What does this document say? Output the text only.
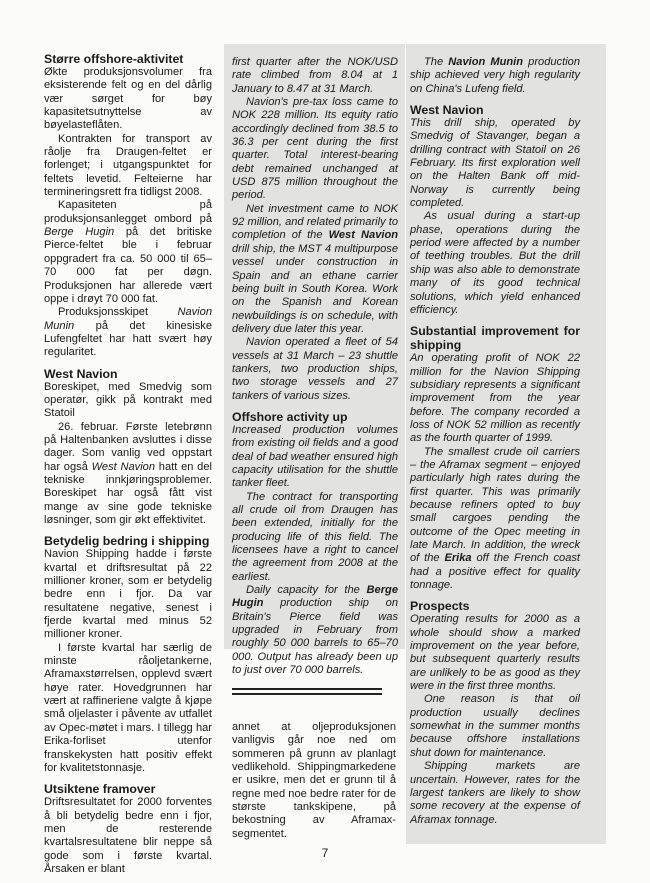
Større offshore-aktivitet

Økte produksjonsvolumer fra eksisterende felt og en del dårlig vær sørget for bøy kapasitetsutnyttelse av bøyelasteflåten.

Kontrakten for transport av råolje fra Draugen-feltet er forlenget; i utgangspunktet for feltets levetid. Felteierne har termineringsrett fra tidligst 2008.

Kapasiteten på produksjonsanlegget ombord på Berge Hugin på det britiske Pierce-feltet ble i februar oppgradert fra ca. 50 000 til 65–70 000 fat per døgn. Produksjonen har allerede vært oppe i drøyt 70 000 fat.

Produksjonsskipet Navion Munin på det kinesiske Lufengfeltet har hatt svært høy regularitet.

West Navion

Boreskipet, med Smedvig som operatør, gikk på kontrakt med Statoil

26. februar. Første letebrønn på Haltenbanken avsluttes i disse dager. Som vanlig ved oppstart har også West Navion hatt en del tekniske innkjøringsproblemer. Boreskipet har også fått vist mange av sine gode tekniske løsninger, som gir økt effektivitet.

Betydelig bedring i shipping

Navion Shipping hadde i første kvartal et driftsresultat på 22 millioner kroner, som er betydelig bedre enn i fjor. Da var resultatene negative, senest i fjerde kvartal med minus 52 millioner kroner.

I første kvartal har særlig de minste råoljetankerne, Aframaxstørrelsen, opplevd svært høye rater. Hovedgrunnen har vært at raffineriene valgte å kjøpe små oljelaster i påvente av utfallet av Opec-møtet i mars. I tillegg har Erika-forliset utenfor franskekysten hatt positiv effekt for kvalitetstonnasje.

Utsiktene framover

Driftsresultatet for 2000 forventes å bli betydelig bedre enn i fjor, men de resterende kvartalsresultatene blir neppe så gode som i første kvartal. Årsaken er blant

first quarter after the NOK/USD rate climbed from 8.04 at 1 January to 8.47 at 31 March.

Navion's pre-tax loss came to NOK 228 million. Its equity ratio accordingly declined from 38.5 to 36.3 per cent during the first quarter. Total interest-bearing debt remained unchanged at USD 875 million throughout the period.

Net investment came to NOK 92 million, and related primarily to completion of the West Navion drill ship, the MST 4 multipurpose vessel under construction in Spain and an ethane carrier being built in South Korea. Work on the Spanish and Korean newbuildings is on schedule, with delivery due later this year.

Navion operated a fleet of 54 vessels at 31 March – 23 shuttle tankers, two production ships, two storage vessels and 27 tankers of various sizes.

Offshore activity up

Increased production volumes from existing oil fields and a good deal of bad weather ensured high capacity utilisation for the shuttle tanker fleet.

The contract for transporting all crude oil from Draugen has been extended, initially for the producing life of this field. The licensees have a right to cancel the agreement from 2008 at the earliest.

Daily capacity for the Berge Hugin production ship on Britain's Pierce field was upgraded in February from roughly 50 000 barrels to 65–70 000. Output has already been up to just over 70 000 barrels.

annet at oljeproduksjonen vanligvis går noe ned om sommeren på grunn av planlagt vedlikehold. Shippingmarkedene er usikre, men det er grunn til å regne med noe bedre rater for de største tankskipene, på bekostning av Aframax-segmentet.

The Navion Munin production ship achieved very high regularity on China's Lufeng field.

West Navion

This drill ship, operated by Smedvig of Stavanger, began a drilling contract with Statoil on 26 February. Its first exploration well on the Halten Bank off mid-Norway is currently being completed.

As usual during a start-up phase, operations during the period were affected by a number of teething troubles. But the drill ship was also able to demonstrate many of its good technical solutions, which yield enhanced efficiency.

Substantial improvement for shipping

An operating profit of NOK 22 million for the Navion Shipping subsidiary represents a significant improvement from the year before. The company recorded a loss of NOK 52 million as recently as the fourth quarter of 1999.

The smallest crude oil carriers – the Aframax segment – enjoyed particularly high rates during the first quarter. This was primarily because refiners opted to buy small cargoes pending the outcome of the Opec meeting in late March. In addition, the wreck of the Erika off the French coast had a positive effect for quality tonnage.

Prospects

Operating results for 2000 as a whole should show a marked improvement on the year before, but subsequent quarterly results are unlikely to be as good as they were in the first three months.

One reason is that oil production usually declines somewhat in the summer months because offshore installations shut down for maintenance.

Shipping markets are uncertain. However, rates for the largest tankers are likely to show some recovery at the expense of Aframax tonnage.

7
